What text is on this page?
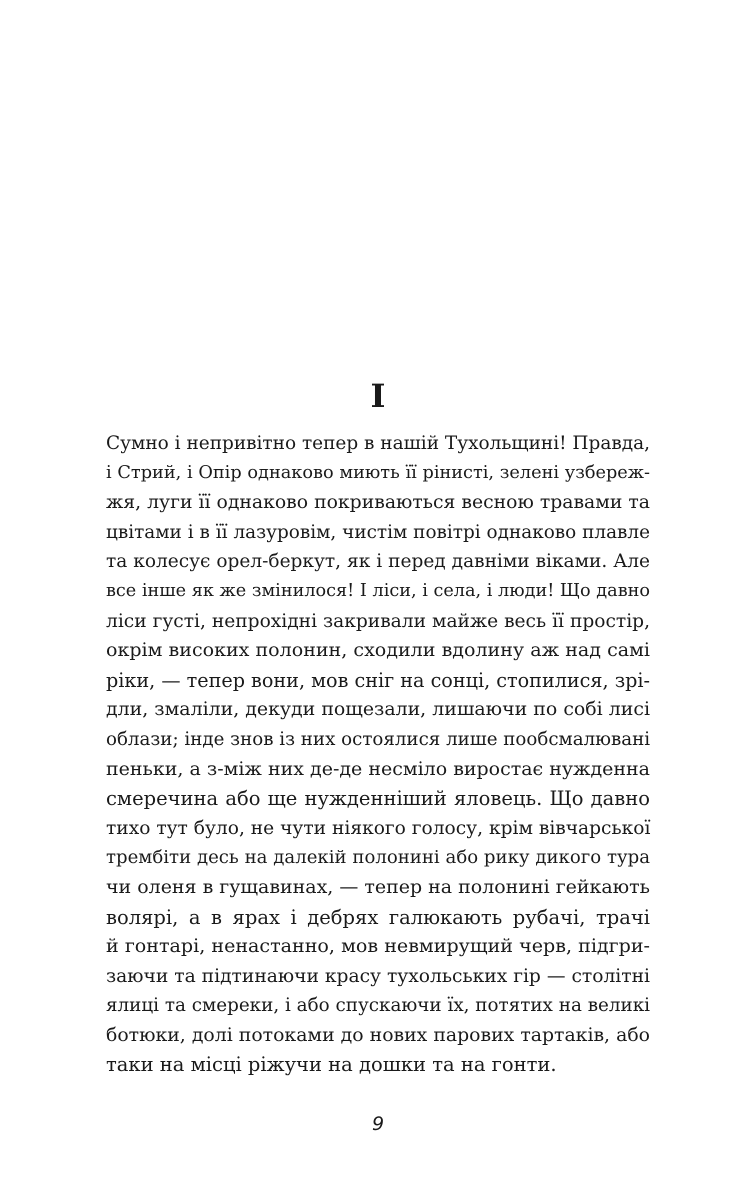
I
Сумно і непривітно тепер в нашій Тухольщині! Правда,
і Стрий, і Опір однаково миють її рінисті, зелені узбереж-
жя, луги її однаково покриваються весною травами та
цвітами і в її лазуровім, чистім повітрі однаково плавле
та колесує орел-беркут, як і перед давніми віками. Але
все інше як же змінилося! І ліси, і села, і люди! Що давно
ліси густі, непрохідні закривали майже весь її простір,
окрім високих полонин, сходили вдолину аж над самі
ріки, — тепер вони, мов сніг на сонці, стопилися, зрі-
дли, змаліли, декуди пощезали, лишаючи по собі лисі
облази; інде знов із них остоялися лише пообсмалювані
пеньки, а з-між них де-де несміло виростає нужденна
смеречина або ще нужденніший яловець. Що давно
тихо тут було, не чути ніякого голосу, крім вівчарської
трембіти десь на далекій полонині або рику дикого тура
чи оленя в гущавинах, — тепер на полонині гейкають
волярі, а в ярах і дебрях галюкають рубачі, трачі
й гонтарі, ненастанно, мов невмирущий черв, підгри-
заючи та підтинаючи красу тухольських гір — столітні
ялиці та смереки, і або спускаючи їх, потятих на великі
ботюки, долі потоками до нових парових тартаків, або
таки на місці ріжучи на дошки та на гонти.
9
